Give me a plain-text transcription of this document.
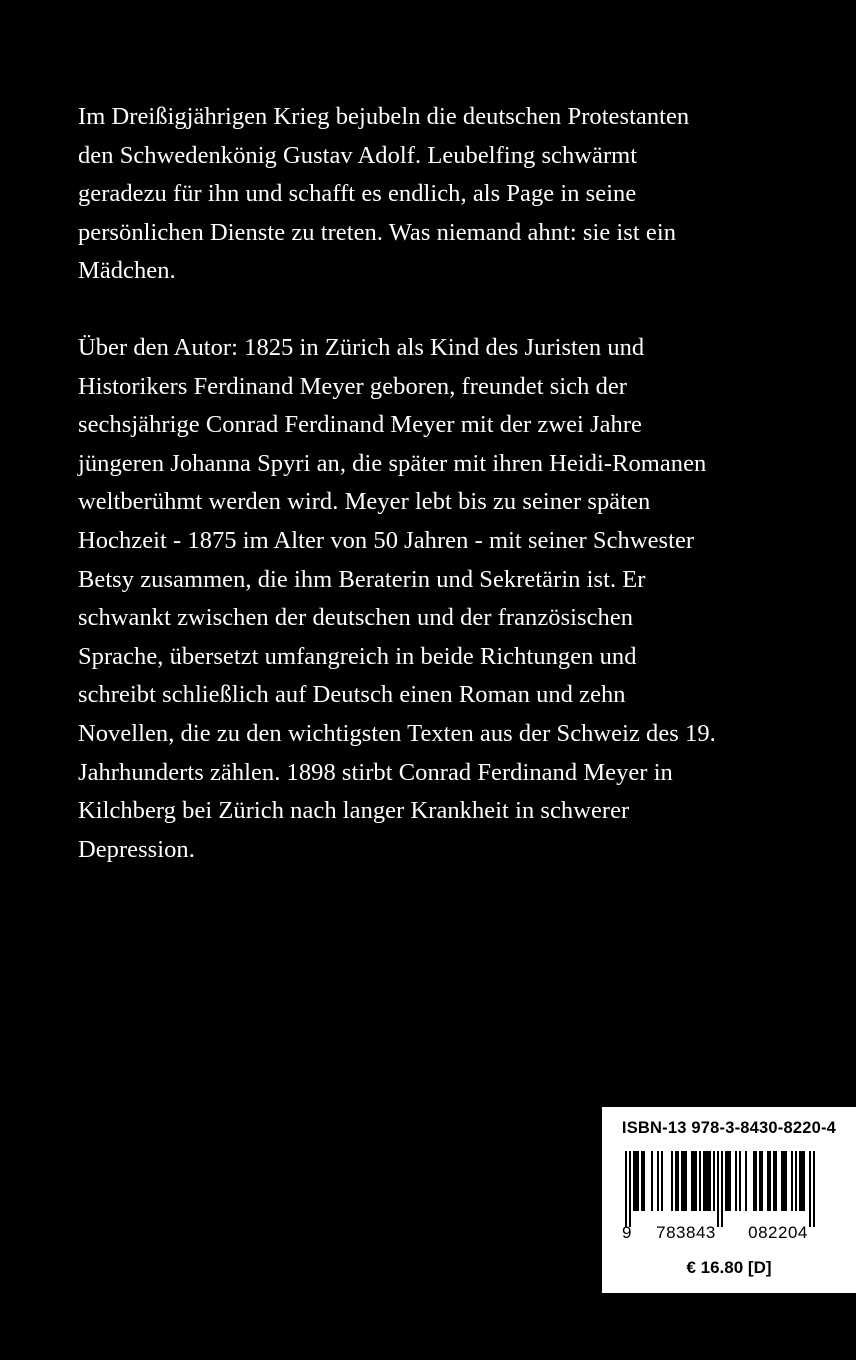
Im Dreißigjährigen Krieg bejubeln die deutschen Protestanten
den Schwedenkönig Gustav Adolf. Leubelfing schwärmt
geradezu für ihn und schafft es endlich, als Page in seine
persönlichen Dienste zu treten. Was niemand ahnt: sie ist ein
Mädchen.

Über den Autor: 1825 in Zürich als Kind des Juristen und
Historikers Ferdinand Meyer geboren, freundet sich der
sechsjährige Conrad Ferdinand Meyer mit der zwei Jahre
jüngeren Johanna Spyri an, die später mit ihren Heidi-Romanen
weltberühmt werden wird. Meyer lebt bis zu seiner späten
Hochzeit - 1875 im Alter von 50 Jahren - mit seiner Schwester
Betsy zusammen, die ihm Beraterin und Sekretärin ist. Er
schwankt zwischen der deutschen und der französischen
Sprache, übersetzt umfangreich in beide Richtungen und
schreibt schließlich auf Deutsch einen Roman und zehn
Novellen, die zu den wichtigsten Texten aus der Schweiz des 19.
Jahrhunderts zählen. 1898 stirbt Conrad Ferdinand Meyer in
Kilchberg bei Zürich nach langer Krankheit in schwerer
Depression.

ISBN-13 978-3-8430-8220-4
9	783843	082204
€ 16.80 [D]
